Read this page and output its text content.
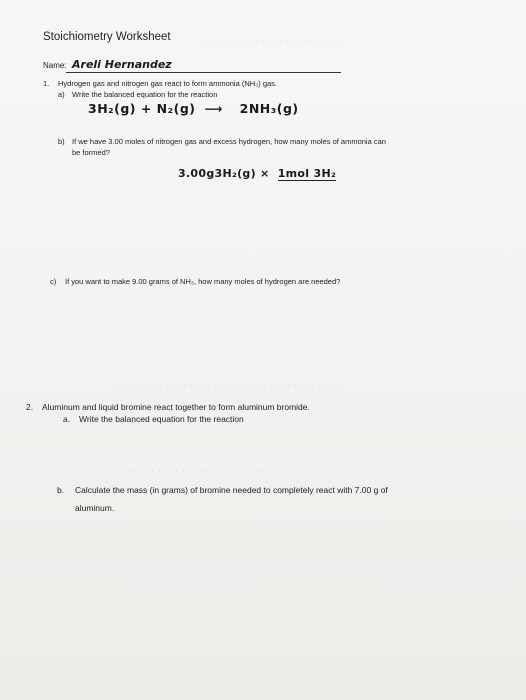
· · · · · · · · · · · · · · · · · · · · · · ·
· · · · · · · · · · · · · · · · · · · · · · · · · · · · · · · · · · · · · · ·
· · · · · · · · · · · · · · · · · · · · · · · · · · · · · ·
Stoichiometry Worksheet
Name: Areli Hernandez
1. Hydrogen gas and nitrogen gas react to form ammonia (NH₃) gas.
a) Write the balanced equation for the reaction
3H₂(g) + N₂(g) ⟶ 2NH₃(g)
b) If we have 3.00 moles of nitrogen gas and excess hydrogen, how many moles of ammonia can
be formed?
3.00g3H₂(g) × 1mol 3H₂
c) If you want to make 9.00 grams of NH₃, how many moles of hydrogen are needed?
2. Aluminum and liquid bromine react together to form aluminum bromide.
a. Write the balanced equation for the reaction
b. Calculate the mass (in grams) of bromine needed to completely react with 7.00 g of
aluminum.
